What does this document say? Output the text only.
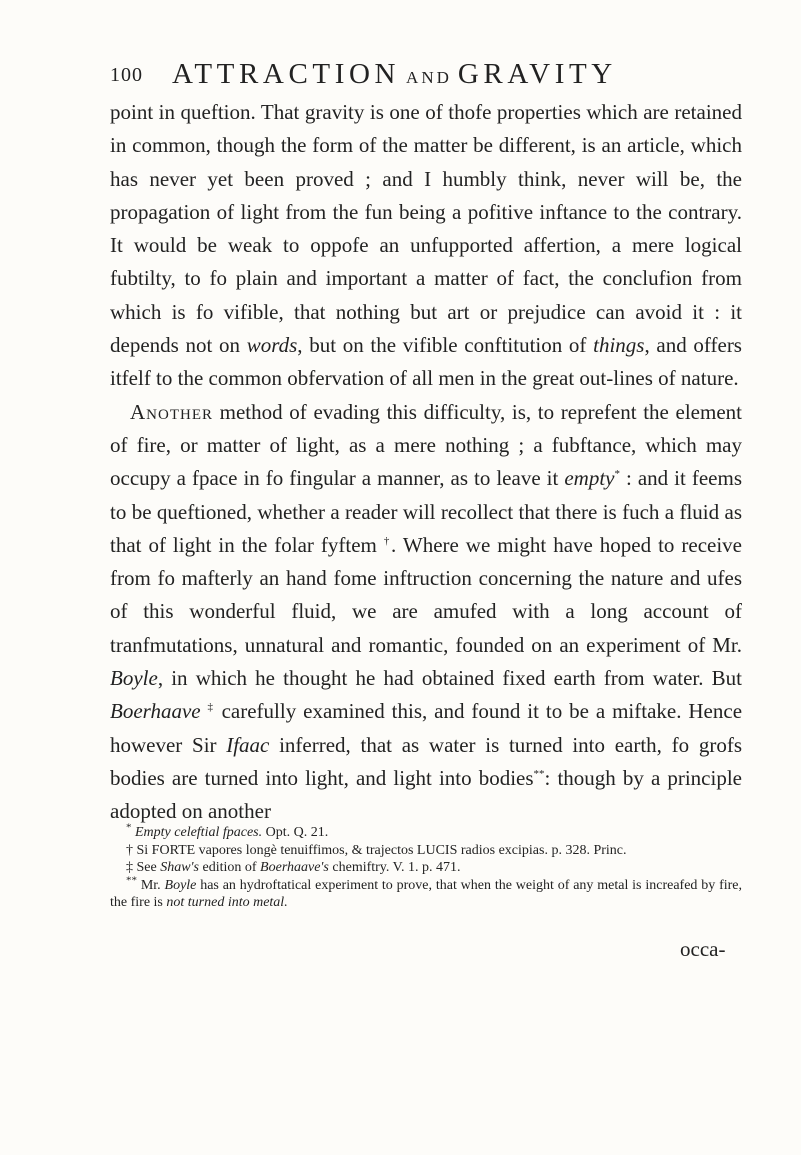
100 ATTRACTION AND GRAVITY

point in queftion. That gravity is one of thofe properties which are retained in common, though the form of the matter be different, is an article, which has never yet been proved ; and I humbly think, never will be, the propagation of light from the fun being a pofitive inftance to the contrary. It would be weak to oppofe an unfupported affertion, a mere logical fubtilty, to fo plain and important a matter of fact, the conclufion from which is fo vifible, that nothing but art or prejudice can avoid it : it depends not on words, but on the vifible conftitution of things, and offers itfelf to the common obfervation of all men in the great out-lines of nature.

Another method of evading this difficulty, is, to reprefent the element of fire, or matter of light, as a mere nothing ; a fubftance, which may occupy a fpace in fo fingular a manner, as to leave it empty* : and it feems to be queftioned, whether a reader will recollect that there is fuch a fluid as that of light in the folar fyftem †. Where we might have hoped to receive from fo mafterly an hand fome inftruction concerning the nature and ufes of this wonderful fluid, we are amufed with a long account of tranfmutations, unnatural and romantic, founded on an experiment of Mr. Boyle, in which he thought he had obtained fixed earth from water. But Boerhaave ‡ carefully examined this, and found it to be a miftake. Hence however Sir Ifaac inferred, that as water is turned into earth, fo grofs bodies are turned into light, and light into bodies**: though by a principle adopted on another

* Empty celeftial fpaces. Opt. Q. 21.

† Si FORTE vapores longè tenuiffimos, & trajectos LUCIS radios excipias. p. 328. Princ.

‡ See Shaw's edition of Boerhaave's chemiftry. V. 1. p. 471.

** Mr. Boyle has an hydroftatical experiment to prove, that when the weight of any metal is increafed by fire, the fire is not turned into metal.

occa-
